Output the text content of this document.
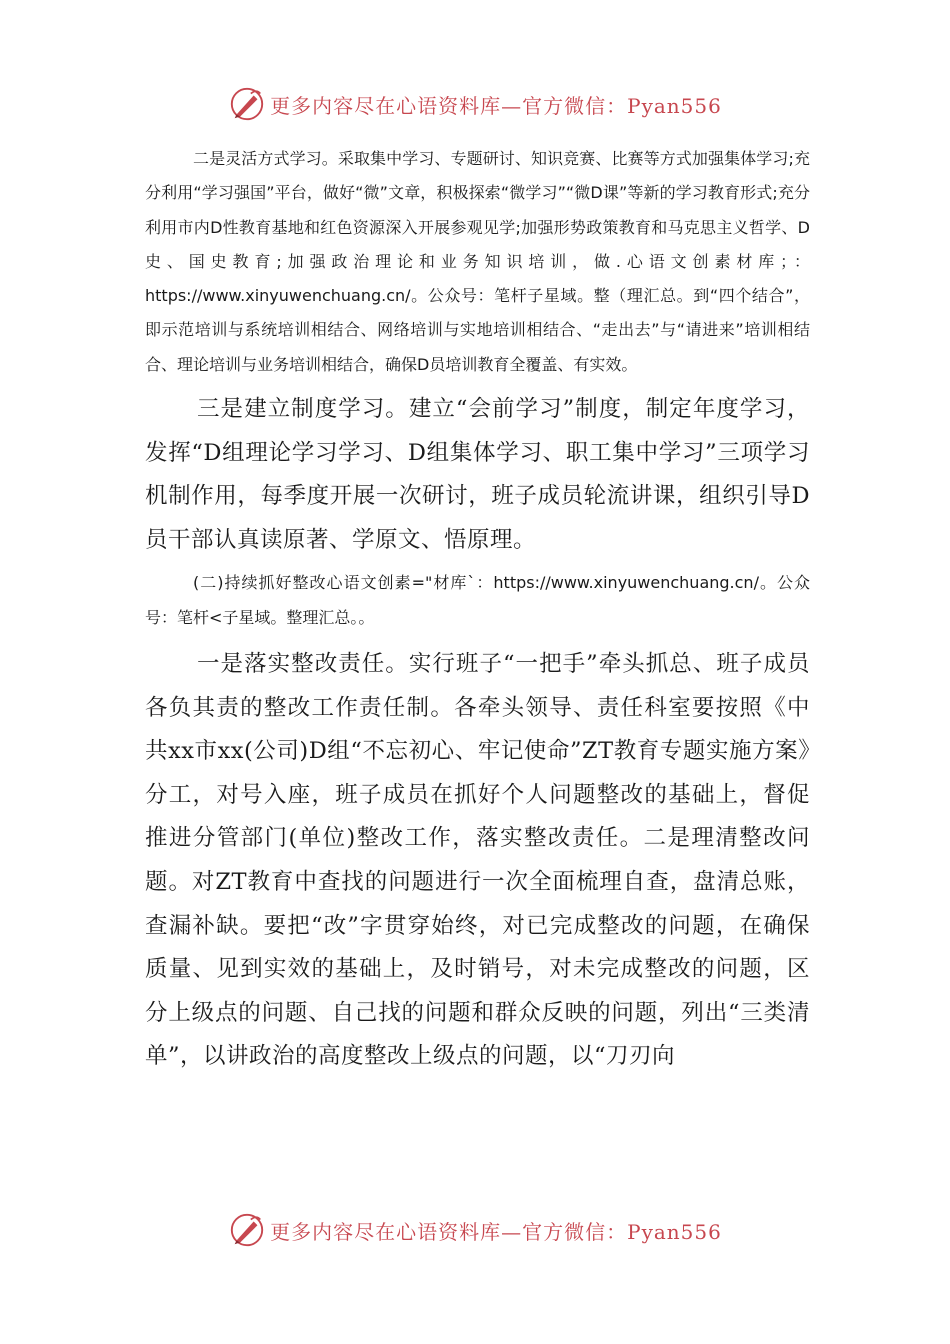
更多内容尽在心语资料库—官方微信：Pyan556

二是灵活方式学习。采取集中学习、专题研讨、知识竞赛、比赛等方式加强集体学习;充分利用“学习强国”平台，做好“微”文章，积极探索“微学习”“微D课”等新的学习教育形式;充分利用市内D性教育基地和红色资源深入开展参观见学;加强形势政策教育和马克思主义哲学、D史、国史教育;加强政治理论和业务知识培训，做.心语文创素材库；：https://www.xinyuwenchuang.cn/。公众号：笔杆子星域。整（理汇总。到“四个结合”，即示范培训与系统培训相结合、网络培训与实地培训相结合、“走出去”与“请进来”培训相结合、理论培训与业务培训相结合，确保D员培训教育全覆盖、有实效。

三是建立制度学习。建立“会前学习”制度，制定年度学习，发挥“D组理论学习学习、D组集体学习、职工集中学习”三项学习机制作用，每季度开展一次研讨，班子成员轮流讲课，组织引导D员干部认真读原著、学原文、悟原理。

(二)持续抓好整改心语文创素="材库`：https://www.xinyuwenchuang.cn/。公众号：笔杆<子星域。整理汇总。。

一是落实整改责任。实行班子“一把手”牵头抓总、班子成员各负其责的整改工作责任制。各牵头领导、责任科室要按照《中共xx市xx(公司)D组“不忘初心、牢记使命”ZT教育专题实施方案》分工，对号入座，班子成员在抓好个人问题整改的基础上，督促推进分管部门(单位)整改工作，落实整改责任。二是理清整改问题。对ZT教育中查找的问题进行一次全面梳理自查，盘清总账，查漏补缺。要把“改”字贯穿始终，对已完成整改的问题，在确保质量、见到实效的基础上，及时销号，对未完成整改的问题，区分上级点的问题、自己找的问题和群众反映的问题，列出“三类清单”，以讲政治的高度整改上级点的问题，以“刀刃向

更多内容尽在心语资料库—官方微信：Pyan556
